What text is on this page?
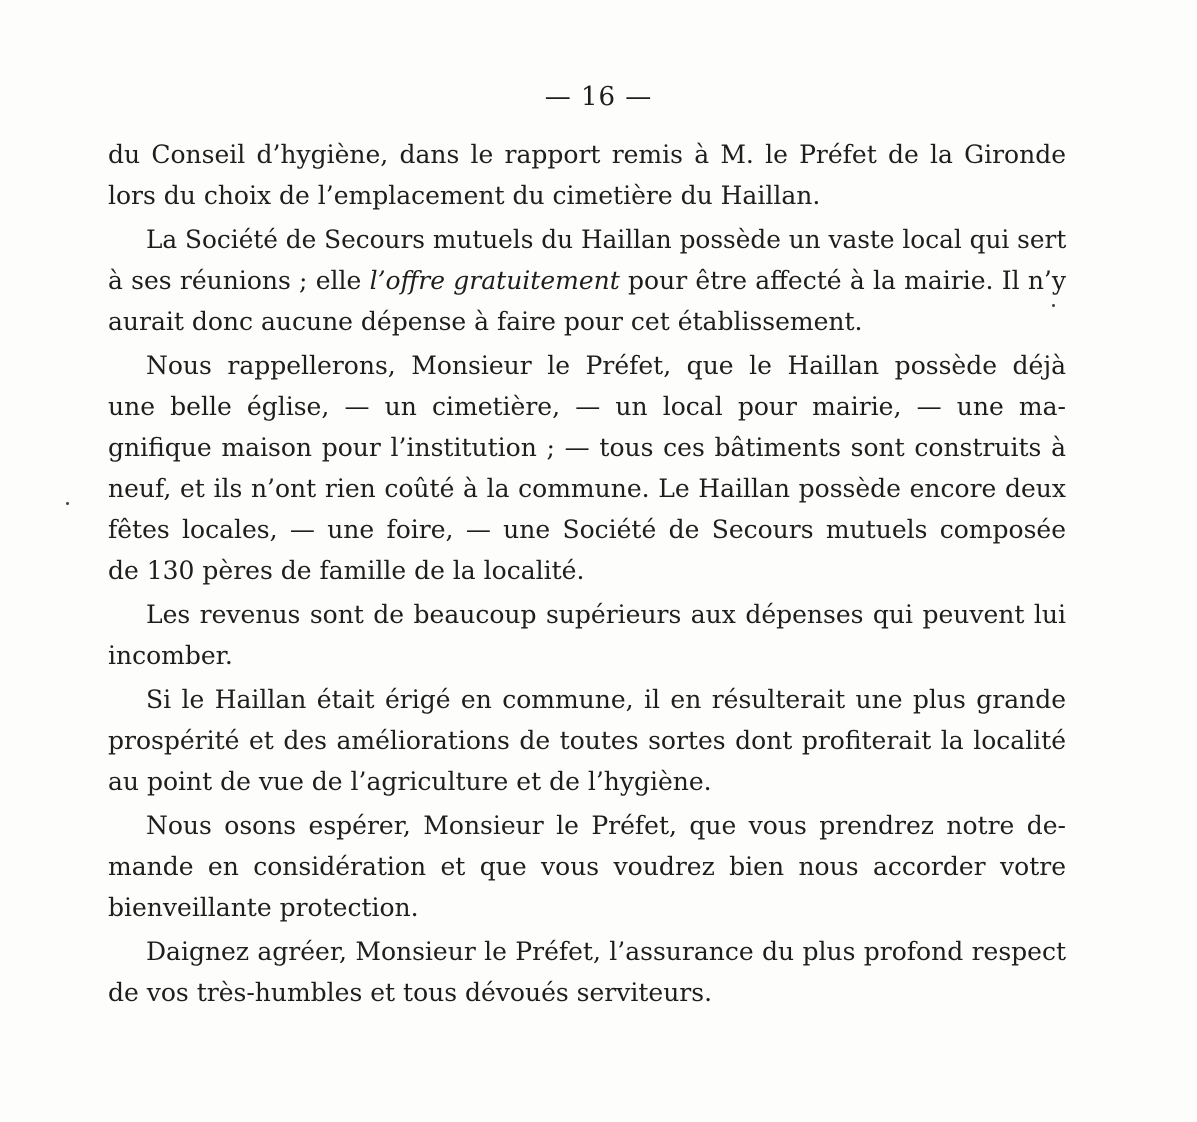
— 16 —

du Conseil d’hygiène, dans le rapport remis à M. le Préfet de la Gironde
lors du choix de l’emplacement du cimetière du Haillan.

La Société de Secours mutuels du Haillan possède un vaste local qui sert
à ses réunions ; elle l’offre gratuitement pour être affecté à la mairie. Il n’y
aurait donc aucune dépense à faire pour cet établissement.

Nous rappellerons, Monsieur le Préfet, que le Haillan possède déjà
une belle église, — un cimetière, — un local pour mairie, — une ma-
gnifique maison pour l’institution ; — tous ces bâtiments sont construits à
neuf, et ils n’ont rien coûté à la commune. Le Haillan possède encore deux
fêtes locales, — une foire, — une Société de Secours mutuels composée
de 130 pères de famille de la localité.

Les revenus sont de beaucoup supérieurs aux dépenses qui peuvent lui
incomber.

Si le Haillan était érigé en commune, il en résulterait une plus grande
prospérité et des améliorations de toutes sortes dont profiterait la localité
au point de vue de l’agriculture et de l’hygiène.

Nous osons espérer, Monsieur le Préfet, que vous prendrez notre de-
mande en considération et que vous voudrez bien nous accorder votre
bienveillante protection.

Daignez agréer, Monsieur le Préfet, l’assurance du plus profond respect
de vos très-humbles et tous dévoués serviteurs.
